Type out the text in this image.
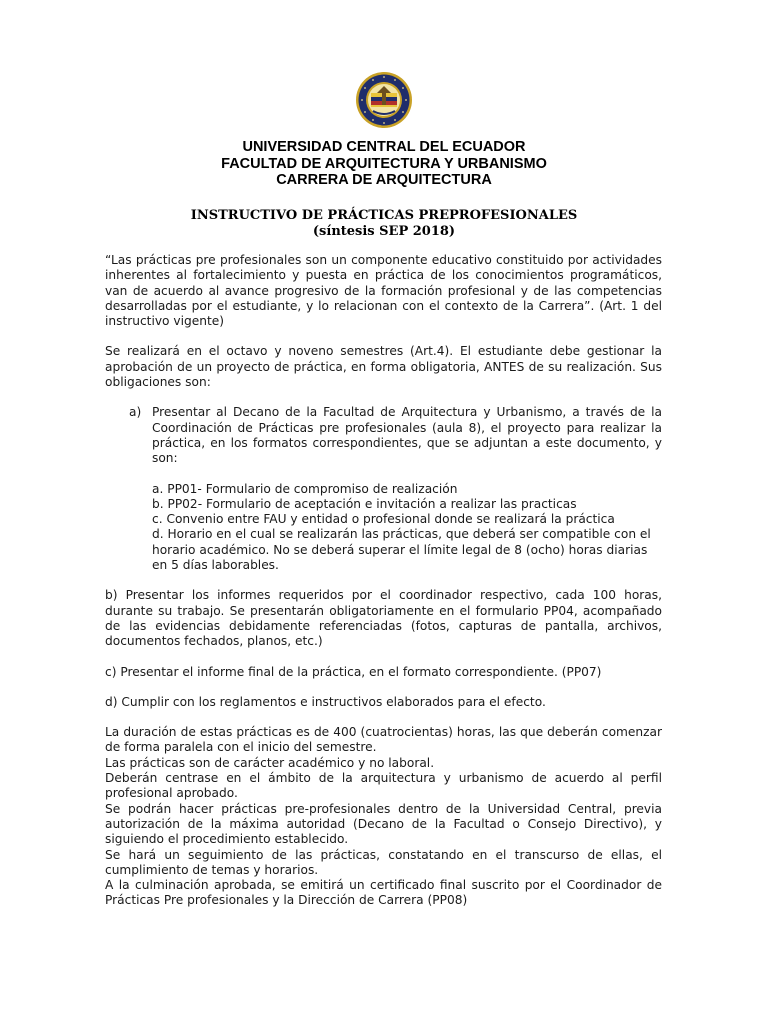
UNIVERSIDAD CENTRAL DEL ECUADOR
FACULTAD DE ARQUITECTURA Y URBANISMO
CARRERA DE ARQUITECTURA
INSTRUCTIVO DE PRÁCTICAS PREPROFESIONALES
(síntesis SEP 2018)

“Las prácticas pre profesionales son un componente educativo constituido por actividades inherentes al fortalecimiento y puesta en práctica de los conocimientos programáticos, van de acuerdo al avance progresivo de la formación profesional y de las competencias desarrolladas por el estudiante, y lo relacionan con el contexto de la Carrera”. (Art. 1 del instructivo vigente)

Se realizará en el octavo y noveno semestres (Art.4). El estudiante debe gestionar la aprobación de un proyecto de práctica, en forma obligatoria, ANTES de su realización. Sus obligaciones son:

a) Presentar al Decano de la Facultad de Arquitectura y Urbanismo, a través de la Coordinación de Prácticas pre profesionales (aula 8), el proyecto para realizar la práctica, en los formatos correspondientes, que se adjuntan a este documento, y son:
a. PP01- Formulario de compromiso de realización
b. PP02- Formulario de aceptación e invitación a realizar las practicas
c. Convenio entre FAU y entidad o profesional donde se realizará la práctica
d. Horario en el cual se realizarán las prácticas, que deberá ser compatible con el horario académico. No se deberá superar el límite legal de 8 (ocho) horas diarias en 5 días laborables.

b) Presentar los informes requeridos por el coordinador respectivo, cada 100 horas, durante su trabajo. Se presentarán obligatoriamente en el formulario PP04, acompañado de las evidencias debidamente referenciadas (fotos, capturas de pantalla, archivos, documentos fechados, planos, etc.)

c) Presentar el informe final de la práctica, en el formato correspondiente. (PP07)

d) Cumplir con los reglamentos e instructivos elaborados para el efecto.

La duración de estas prácticas es de 400 (cuatrocientas) horas, las que deberán comenzar de forma paralela con el inicio del semestre.

Las prácticas son de carácter académico y no laboral.

Deberán centrase en el ámbito de la arquitectura y urbanismo de acuerdo al perfil profesional aprobado.

Se podrán hacer prácticas pre-profesionales dentro de la Universidad Central, previa autorización de la máxima autoridad (Decano de la Facultad o Consejo Directivo), y siguiendo el procedimiento establecido.

Se hará un seguimiento de las prácticas, constatando en el transcurso de ellas, el cumplimiento de temas y horarios.

A la culminación aprobada, se emitirá un certificado final suscrito por el Coordinador de Prácticas Pre profesionales y la Dirección de Carrera (PP08)
